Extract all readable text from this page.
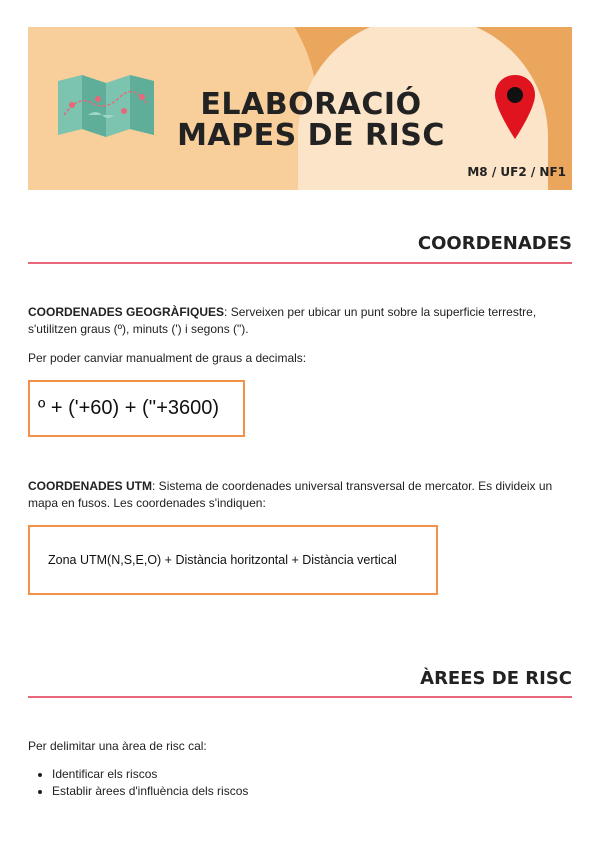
ELABORACIÓ
MAPES DE RISC
M8 / UF2 / NF1
COORDENADES
COORDENADES GEOGRÀFIQUES: Serveixen per ubicar un punt sobre la superficie terrestre, s'utilitzen graus (º), minuts (') i segons (").
Per poder canviar manualment de graus a decimals:
º + ('+60) + (''+3600)
COORDENADES UTM: Sistema de coordenades universal transversal de mercator. Es divideix un mapa en fusos. Les coordenades s'indiquen:
Zona UTM(N,S,E,O) + Distància horitzontal + Distància vertical
ÀREES DE RISC
Per delimitar una àrea de risc cal:
• Identificar els riscos
• Establir àrees d'influència dels riscos
